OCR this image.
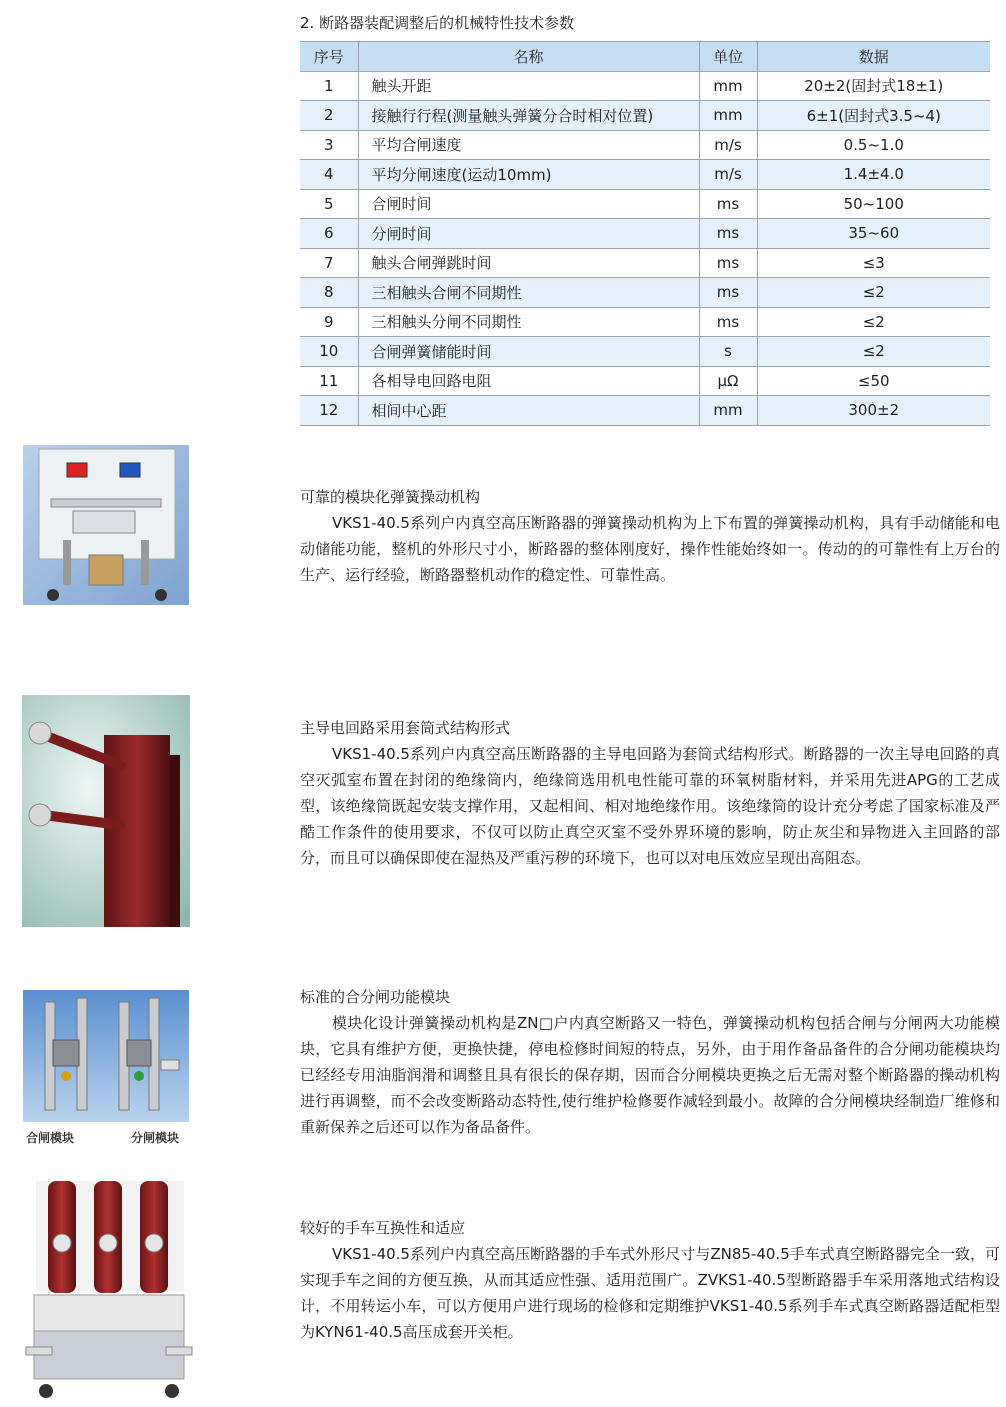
2. 断路器装配调整后的机械特性技术参数
序号	名称	单位	数据
1	触头开距	mm	20±2(固封式18±1)
2	接触行行程(测量触头弹簧分合时相对位置)	mm	6±1(固封式3.5~4)
3	平均合闸速度	m/s	0.5~1.0
4	平均分闸速度(运动10mm)	m/s	1.4±4.0
5	合闸时间	ms	50~100
6	分闸时间	ms	35~60
7	触头合闸弹跳时间	ms	≤3
8	三相触头合闸不同期性	ms	≤2
9	三相触头分闸不同期性	ms	≤2
10	合闸弹簧储能时间	s	≤2
11	各相导电回路电阻	μΩ	≤50
12	相间中心距	mm	300±2
合闸模块	分闸模块
可靠的模块化弹簧操动机构

VKS1-40.5系列户内真空高压断路器的弹簧操动机构为上下布置的弹簧操动机构，具有手动储能和电动储能功能，整机的外形尺寸小，断路器的整体刚度好，操作性能始终如一。传动的的可靠性有上万台的生产、运行经验，断路器整机动作的稳定性、可靠性高。

主导电回路采用套筒式结构形式

VKS1-40.5系列户内真空高压断路器的主导电回路为套筒式结构形式。断路器的一次主导电回路的真空灭弧室布置在封闭的绝缘筒内，绝缘筒选用机电性能可靠的环氧树脂材料，并采用先进APG的工艺成型，该绝缘筒既起安装支撑作用，又起相间、相对地绝缘作用。该绝缘筒的设计充分考虑了国家标准及严酷工作条件的使用要求，不仅可以防止真空灭室不受外界环境的影响，防止灰尘和异物进入主回路的部分，而且可以确保即使在湿热及严重污秽的环境下，也可以对电压效应呈现出高阻态。

标准的合分闸功能模块

模块化设计弹簧操动机构是ZN□户内真空断路又一特色，弹簧操动机构包括合闸与分闸两大功能模块，它具有维护方便，更换快捷，停电检修时间短的特点，另外，由于用作备品备件的合分闸功能模块均已经经专用油脂润滑和调整且具有很长的保存期，因而合分闸模块更换之后无需对整个断路器的操动机构进行再调整，而不会改变断路动态特性,使行维护检修要作减轻到最小。故障的合分闸模块经制造厂维修和重新保养之后还可以作为备品备件。

较好的手车互换性和适应

VKS1-40.5系列户内真空高压断路器的手车式外形尺寸与ZN85-40.5手车式真空断路器完全一致，可实现手车之间的方便互换，从而其适应性强、适用范围广。ZVKS1-40.5型断路器手车采用落地式结构设计，不用转运小车，可以方便用户进行现场的检修和定期维护VKS1-40.5系列手车式真空断路器适配柜型为KYN61-40.5高压成套开关柜。
